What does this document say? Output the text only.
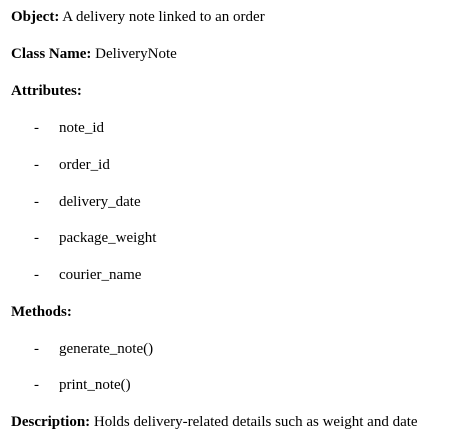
Object: A delivery note linked to an order
Class Name: DeliveryNote
Attributes:
- note_id
- order_id
- delivery_date
- package_weight
- courier_name
Methods:
- generate_note()
- print_note()
Description: Holds delivery-related details such as weight and date
